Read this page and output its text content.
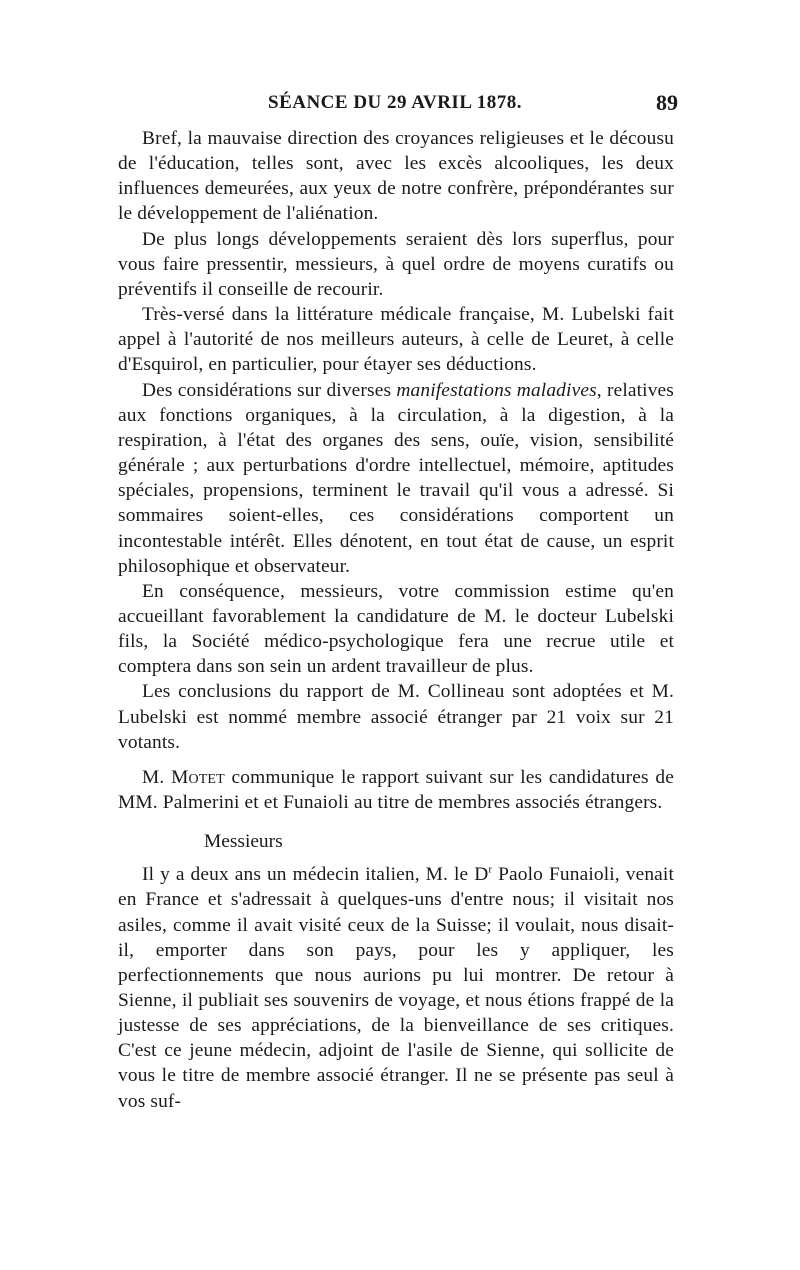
SÉANCE DU 29 AVRIL 1878.	89

Bref, la mauvaise direction des croyances religieuses et le décousu de l'éducation, telles sont, avec les excès alcooliques, les deux influences demeurées, aux yeux de notre confrère, prépondérantes sur le développement de l'aliénation.

De plus longs développements seraient dès lors superflus, pour vous faire pressentir, messieurs, à quel ordre de moyens curatifs ou préventifs il conseille de recourir.

Très-versé dans la littérature médicale française, M. Lubelski fait appel à l'autorité de nos meilleurs auteurs, à celle de Leuret, à celle d'Esquirol, en particulier, pour étayer ses déductions.

Des considérations sur diverses manifestations maladives, relatives aux fonctions organiques, à la circulation, à la digestion, à la respiration, à l'état des organes des sens, ouïe, vision, sensibilité générale ; aux perturbations d'ordre intellectuel, mémoire, aptitudes spéciales, propensions, terminent le travail qu'il vous a adressé. Si sommaires soient-elles, ces considérations comportent un incontestable intérêt. Elles dénotent, en tout état de cause, un esprit philosophique et observateur.

En conséquence, messieurs, votre commission estime qu'en accueillant favorablement la candidature de M. le docteur Lubelski fils, la Société médico-psychologique fera une recrue utile et comptera dans son sein un ardent travailleur de plus.

Les conclusions du rapport de M. Collineau sont adoptées et M. Lubelski est nommé membre associé étranger par 21 voix sur 21 votants.

M. Motet communique le rapport suivant sur les candidatures de MM. Palmerini et et Funaioli au titre de membres associés étrangers.

Messieurs

Il y a deux ans un médecin italien, M. le $D^r$ Paolo Funaioli, venait en France et s'adressait à quelques-uns d'entre nous; il visitait nos asiles, comme il avait visité ceux de la Suisse; il voulait, nous disait-il, emporter dans son pays, pour les y appliquer, les perfectionnements que nous aurions pu lui montrer. De retour à Sienne, il publiait ses souvenirs de voyage, et nous étions frappé de la justesse de ses appréciations, de la bienveillance de ses critiques. C'est ce jeune médecin, adjoint de l'asile de Sienne, qui sollicite de vous le titre de membre associé étranger. Il ne se présente pas seul à vos suf-
